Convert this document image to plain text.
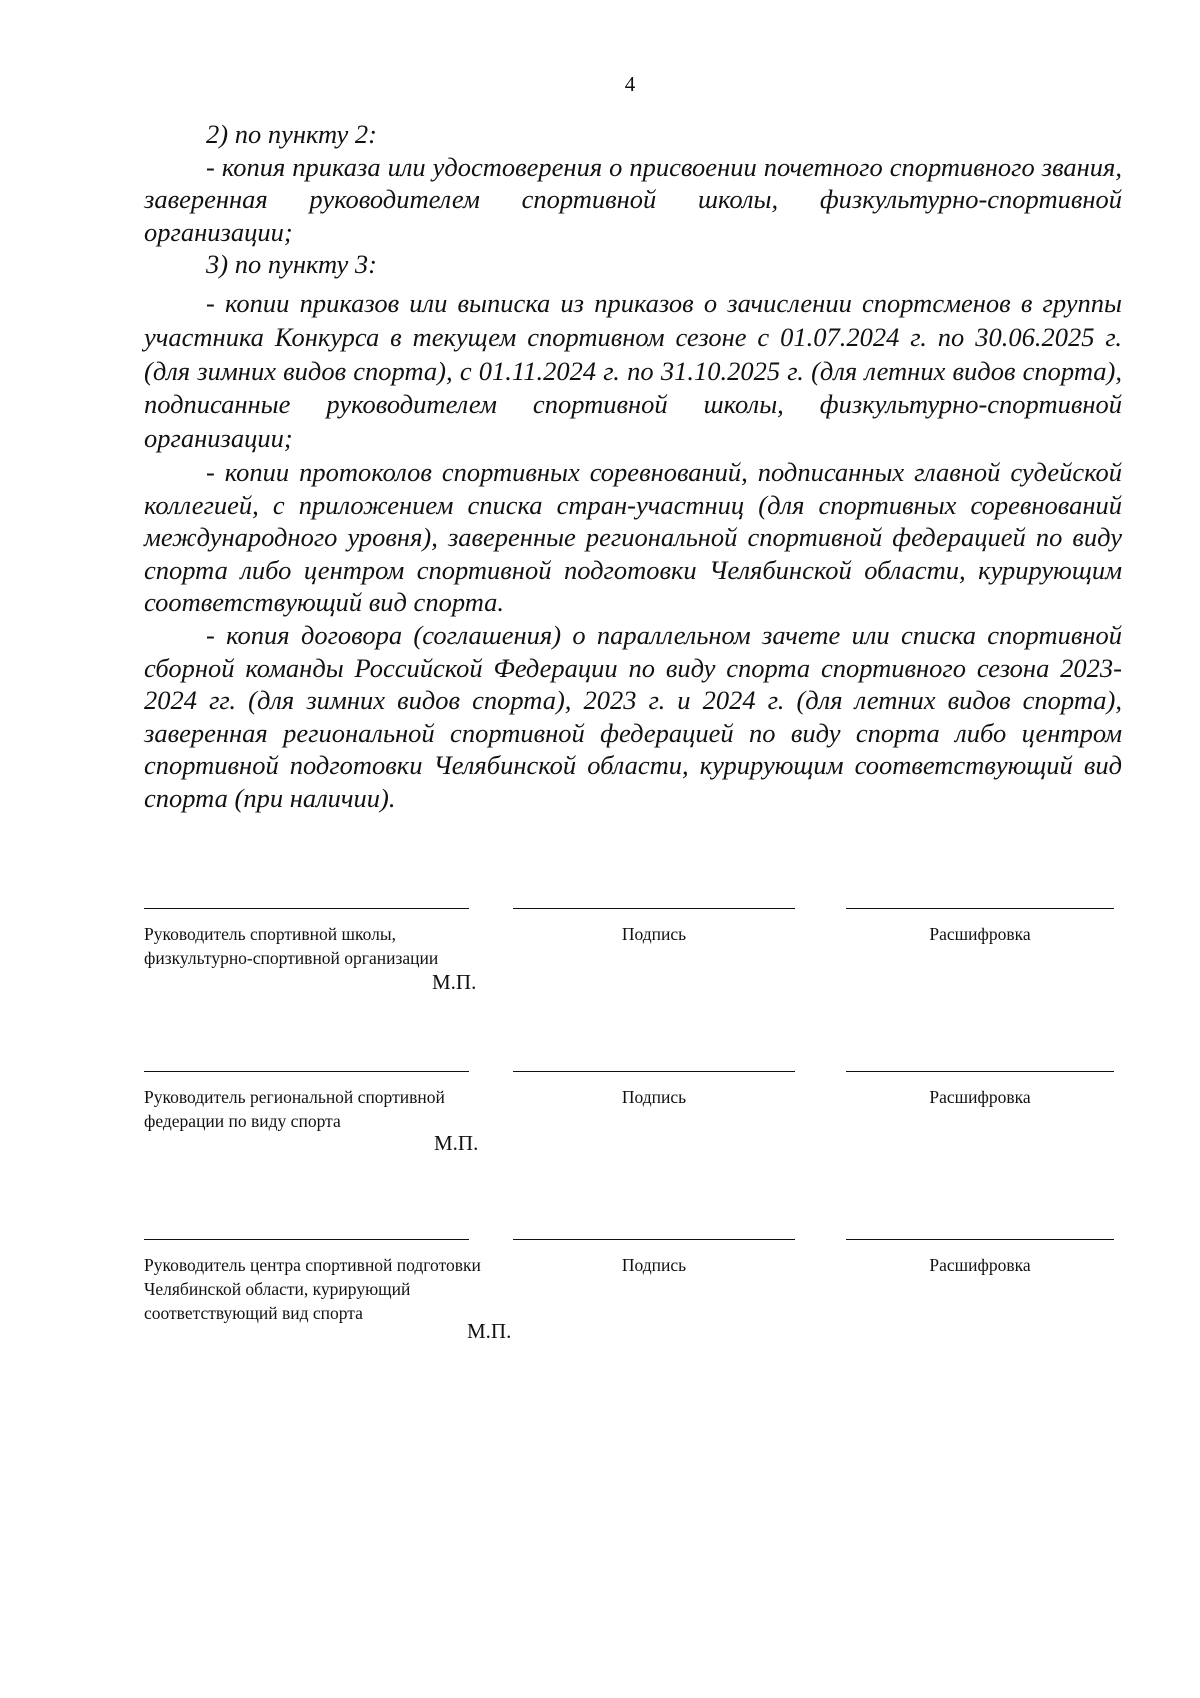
4

2) по пункту 2:

- копия приказа или удостоверения о присвоении почетного спортивного звания, заверенная руководителем спортивной школы, физкультурно-спортивной организации;

3) по пункту 3:

- копии приказов или выписка из приказов о зачислении спортсменов в группы участника Конкурса в текущем спортивном сезоне с 01.07.2024 г. по 30.06.2025 г. (для зимних видов спорта), с 01.11.2024 г. по 31.10.2025 г. (для летних видов спорта), подписанные руководителем спортивной школы, физкультурно-спортивной организации;

- копии протоколов спортивных соревнований, подписанных главной судейской коллегией, с приложением списка стран-участниц (для спортивных соревнований международного уровня), заверенные региональной спортивной федерацией по виду спорта либо центром спортивной подготовки Челябинской области, курирующим соответствующий вид спорта.

- копия договора (соглашения) о параллельном зачете или списка спортивной сборной команды Российской Федерации по виду спорта спортивного сезона 2023-2024 гг. (для зимних видов спорта), 2023 г. и 2024 г. (для летних видов спорта), заверенная региональной спортивной федерацией по виду спорта либо центром спортивной подготовки Челябинской области, курирующим соответствующий вид спорта (при наличии).

Руководитель спортивной школы,
физкультурно-спортивной организации
Подпись	Расшифровка
М.П.
Руководитель региональной спортивной
федерации по виду спорта
Подпись	Расшифровка
М.П.
Руководитель центра спортивной подготовки
Челябинской области, курирующий
соответствующий вид спорта
Подпись	Расшифровка
М.П.
